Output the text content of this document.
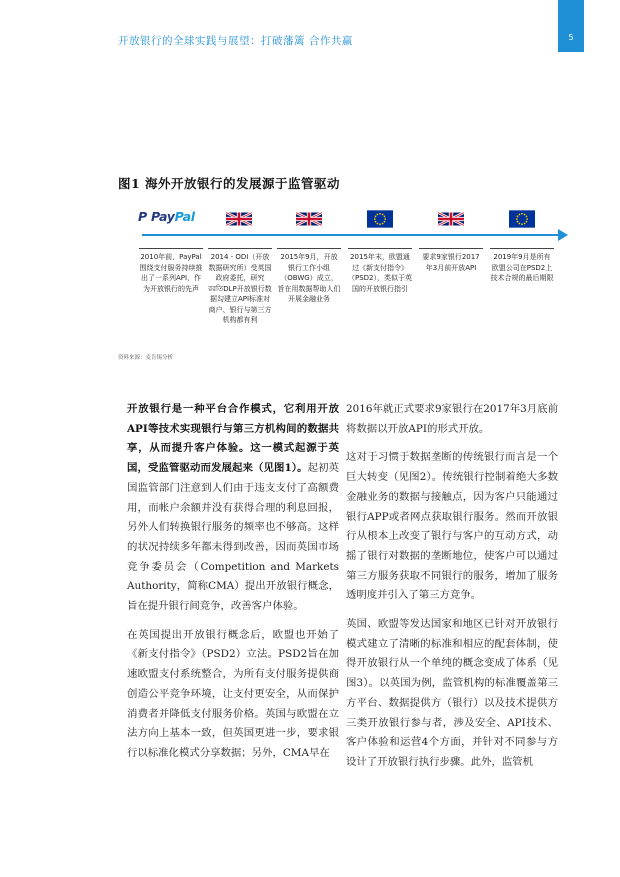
5
开放银行的全球实践与展望：打破藩篱 合作共赢
图1 海外开放银行的发展源于监管驱动
P PayPal
2010年前，PayPal围绕支付服务持续推出了一系列API，作为开放银行的先声
2014 - ODI（开放数据研究所）受英国政府委托，研究ররতিDLP开放银行数据勾建立API标准对商户、银行与第三方机构都有利
2015年9月，开放银行工作小组（OBWG）成立，旨在用数据帮助人们开展金融业务
2015年末，欧盟通过《新支付指令》（PSD2），类似于英国的开放银行指引
要求9家银行2017年3月前开放API
2019年9月是所有欧盟公司在PSD2上技术合规的最后期限
资料来源：麦肯锡分析

开放银行是一种平台合作模式，它利用开放API等技术实现银行与第三方机构间的数据共享，从而提升客户体验。这一模式起源于英国，受监管驱动而发展起来（见图1）。起初英国监管部门注意到人们由于违支支付了高额费用，而帐户余额并没有获得合理的利息回报，另外人们转换银行服务的频率也不够高。这样的状况持续多年都未得到改善，因而英国市场竞争委员会（Competition and Markets Authority，简称CMA）提出开放银行概念，旨在提升银行间竞争，改善客户体验。

在英国提出开放银行概念后，欧盟也开始了《新支付指令》（PSD2）立法。PSD2旨在加速欧盟支付系统整合，为所有支付服务提供商创造公平竞争环境，让支付更安全，从而保护消费者并降低支付服务价格。英国与欧盟在立法方向上基本一致，但英国更进一步，要求银行以标准化模式分享数据；另外，CMA早在

2016年就正式要求9家银行在2017年3月底前将数据以开放API的形式开放。

这对于习惯于数据垄断的传统银行而言是一个巨大转变（见图2）。传统银行控制着绝大多数金融业务的数据与接触点，因为客户只能通过银行APP或者网点获取银行服务。然而开放银行从根本上改变了银行与客户的互动方式，动摇了银行对数据的垄断地位，使客户可以通过第三方服务获取不同银行的服务，增加了服务透明度并引入了第三方竞争。

英国、欧盟等发达国家和地区已针对开放银行模式建立了清晰的标准和相应的配套体制，使得开放银行从一个单纯的概念变成了体系（见图3）。以英国为例，监管机构的标准覆盖第三方平台、数据提供方（银行）以及技术提供方三类开放银行参与者，涉及安全、API技术、客户体验和运营4个方面，并针对不同参与方设计了开放银行执行步骤。此外，监管机
